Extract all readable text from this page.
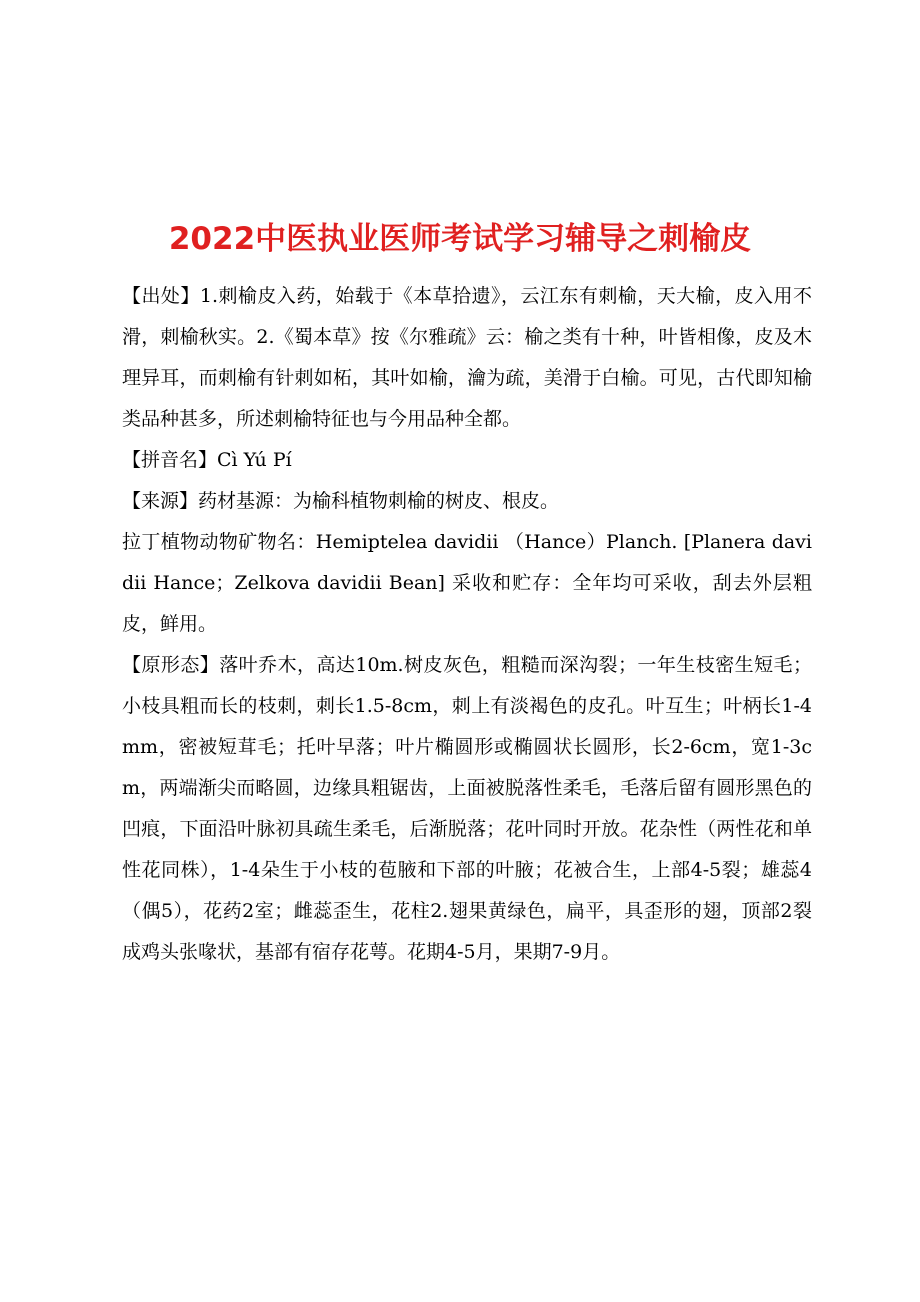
2022中医执业医师考试学习辅导之刺榆皮

【出处】1.刺榆皮入药，始载于《本草拾遗》，云江东有刺榆，天大榆，皮入用不滑，刺榆秋实。2.《蜀本草》按《尔雅疏》云：榆之类有十种，叶皆相像，皮及木理异耳，而刺榆有针刺如柘，其叶如榆，瀹为疏，美滑于白榆。可见，古代即知榆类品种甚多，所述刺榆特征也与今用品种全都。

【拼音名】Cì Yú Pí

【来源】药材基源：为榆科植物刺榆的树皮、根皮。

拉丁植物动物矿物名：Hemiptelea davidii （Hance）Planch. [Planera davidii Hance；Zelkova davidii Bean] 采收和贮存：全年均可采收，刮去外层粗皮，鲜用。

【原形态】落叶乔木，高达10m.树皮灰色，粗糙而深沟裂；一年生枝密生短毛；小枝具粗而长的枝刺，刺长1.5-8cm，刺上有淡褐色的皮孔。叶互生；叶柄长1-4mm，密被短茸毛；托叶早落；叶片椭圆形或椭圆状长圆形，长2-6cm，宽1-3cm，两端渐尖而略圆，边缘具粗锯齿，上面被脱落性柔毛，毛落后留有圆形黑色的凹痕，下面沿叶脉初具疏生柔毛，后渐脱落；花叶同时开放。花杂性（两性花和单性花同株），1-4朵生于小枝的苞腋和下部的叶腋；花被合生，上部4-5裂；雄蕊4（偶5），花药2室；雌蕊歪生，花柱2.翅果黄绿色，扁平，具歪形的翅，顶部2裂成鸡头张喙状，基部有宿存花萼。花期4-5月，果期7-9月。
